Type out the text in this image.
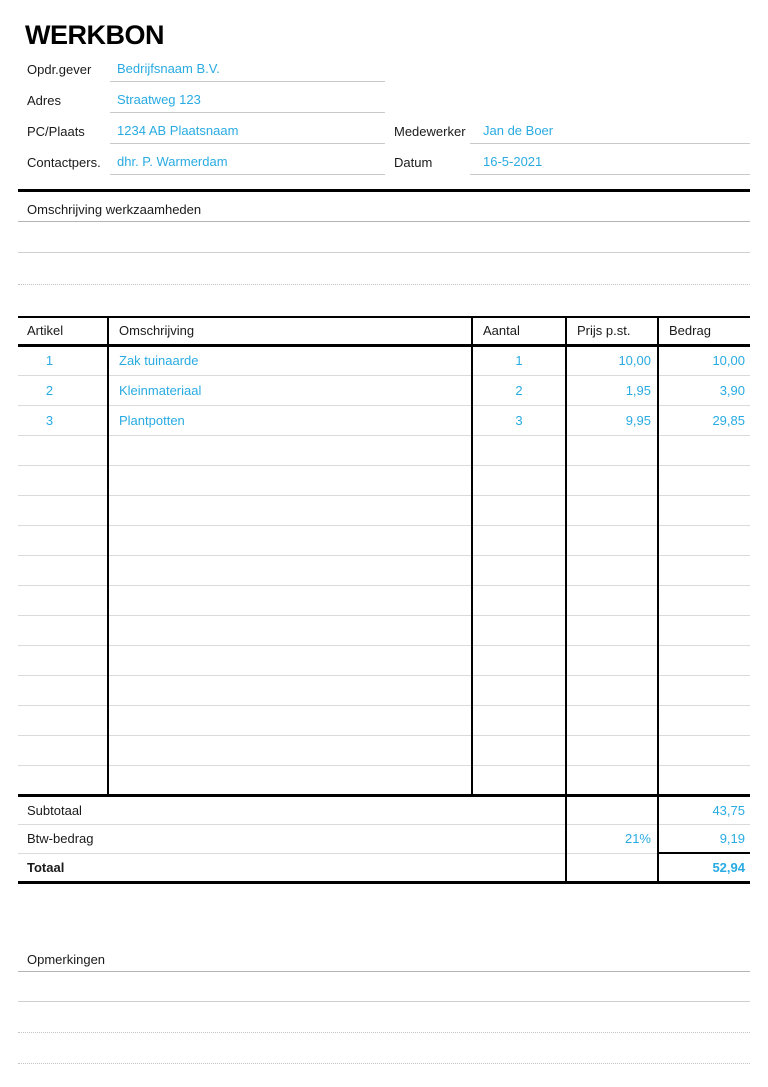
WERKBON
Opdr.gever	Bedrijfsnaam B.V.
Adres	Straatweg 123
PC/Plaats	1234 AB Plaatsnaam
Contactpers.	dhr. P. Warmerdam
Medewerker	Jan de Boer
Datum	16-5-2021
Omschrijving werkzaamheden
Artikel	Omschrijving	Aantal	Prijs p.st.	Bedrag
1	Zak tuinaarde	1	10,00	10,00
2	Kleinmateriaal	2	1,95	3,90
3	Plantpotten	3	9,95	29,85

Subtotaal				43,75
Btw-bedrag			21%	9,19
Totaal				52,94
Opmerkingen
